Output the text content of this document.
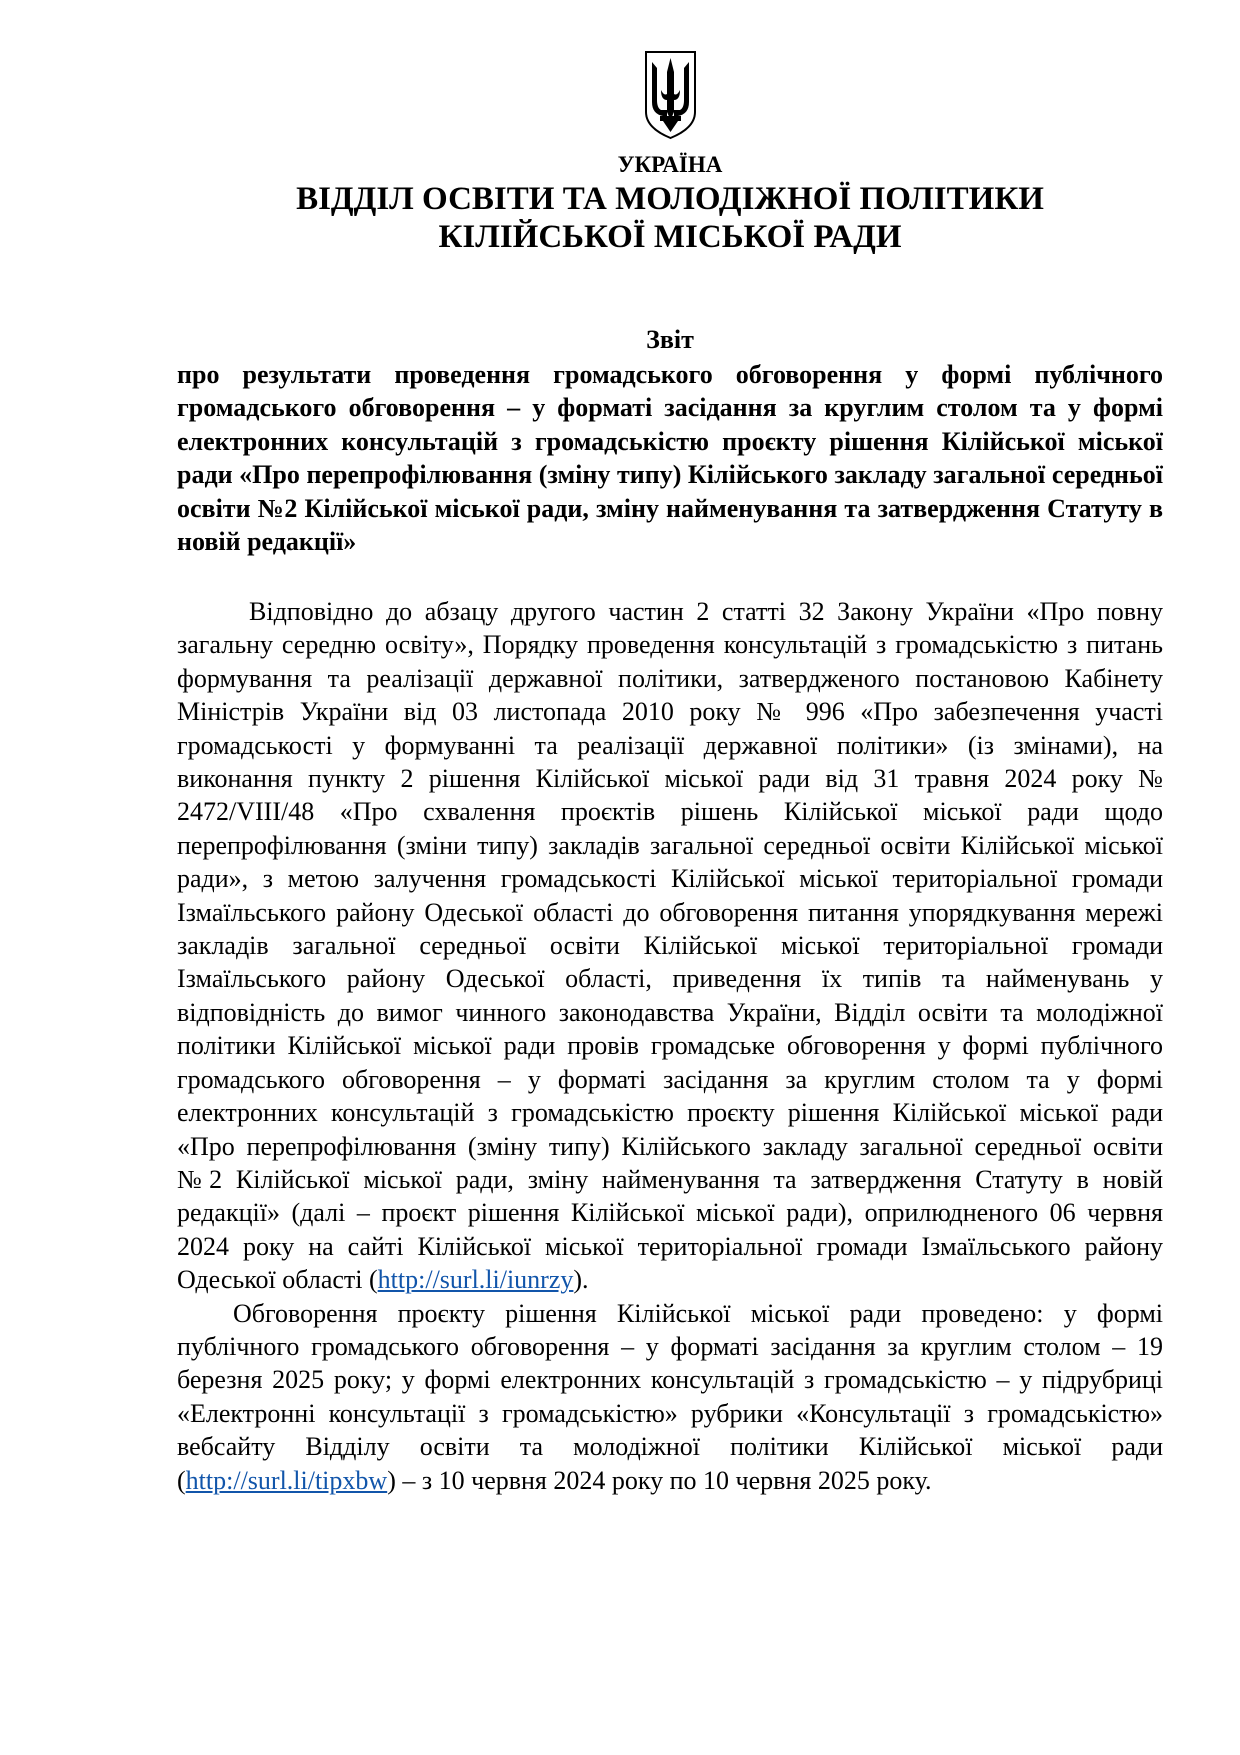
УКРАЇНА
ВІДДІЛ ОСВІТИ ТА МОЛОДІЖНОЇ ПОЛІТИКИ
КІЛІЙСЬКОЇ МІСЬКОЇ РАДИ
Звіт
про результати проведення громадського обговорення у формі публічного громадського обговорення – у форматі засідання за круглим столом та у формі електронних консультацій з громадськістю проєкту рішення Кілійської міської ради «Про перепрофілювання (зміну типу) Кілійського закладу загальної середньої освіти №2 Кілійської міської ради, зміну найменування та затвердження Статуту в новій редакції»

Відповідно до абзацу другого частин 2 статті 32 Закону України «Про повну загальну середню освіту», Порядку проведення консультацій з громадськістю з питань формування та реалізації державної політики, затвердженого постановою Кабінету Міністрів України від 03 листопада 2010 року № 996 «Про забезпечення участі громадськості у формуванні та реалізації державної політики» (із змінами), на виконання пункту 2 рішення Кілійської міської ради від 31 травня 2024 року № 2472/VIII/48 «Про схвалення проєктів рішень Кілійської міської ради щодо перепрофілювання (зміни типу) закладів загальної середньої освіти Кілійської міської ради», з метою залучення громадськості Кілійської міської територіальної громади Ізмаїльського району Одеської області до обговорення питання упорядкування мережі закладів загальної середньої освіти Кілійської міської територіальної громади Ізмаїльського району Одеської області, приведення їх типів та найменувань у відповідність до вимог чинного законодавства України, Відділ освіти та молодіжної політики Кілійської міської ради провів громадське обговорення у формі публічного громадського обговорення – у форматі засідання за круглим столом та у формі електронних консультацій з громадськістю проєкту рішення Кілійської міської ради «Про перепрофілювання (зміну типу) Кілійського закладу загальної середньої освіти №2 Кілійської міської ради, зміну найменування та затвердження Статуту в новій редакції» (далі – проєкт рішення Кілійської міської ради), оприлюдненого 06 червня 2024 року на сайті Кілійської міської територіальної громади Ізмаїльського району Одеської області (http://surl.li/iunrzy).

Обговорення проєкту рішення Кілійської міської ради проведено: у формі публічного громадського обговорення – у форматі засідання за круглим столом – 19 березня 2025 року; у формі електронних консультацій з громадськістю – у підрубриці «Електронні консультації з громадськістю» рубрики «Консультації з громадськістю» вебсайту Відділу освіти та молодіжної політики Кілійської міської ради (http://surl.li/tipxbw) – з 10 червня 2024 року по 10 червня 2025 року.
